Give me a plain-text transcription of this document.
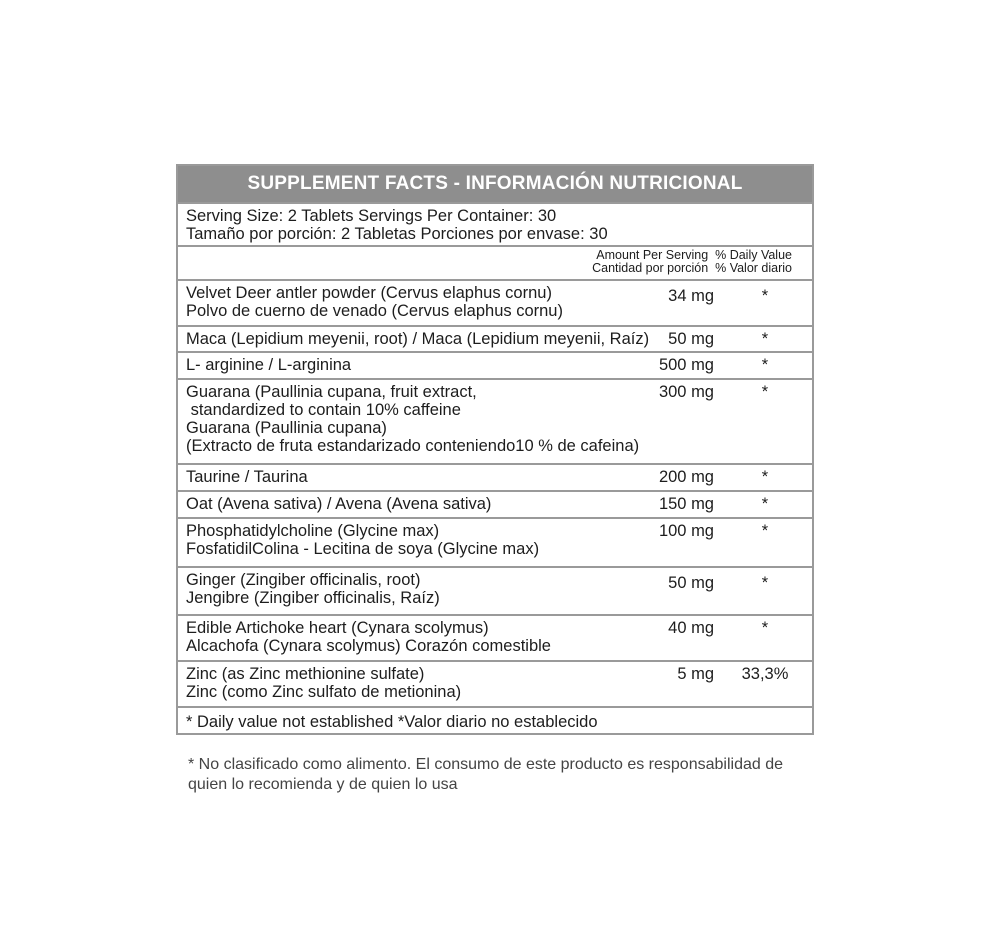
SUPPLEMENT FACTS - INFORMACIÓN NUTRICIONAL
Serving Size: 2 Tablets Servings Per Container: 30
Tamaño por porción: 2 Tabletas Porciones por envase: 30
Amount Per Serving  % Daily Value
Cantidad por porción  % Valor diario
Velvet Deer antler powder (Cervus elaphus cornu)
Polvo de cuerno de venado (Cervus elaphus cornu)
34 mg	*
Maca (Lepidium meyenii, root) / Maca (Lepidium meyenii, Raíz) 50 mg	*
L- arginine / L-arginina	500 mg	*
Guarana (Paullinia cupana, fruit extract,
standardized to contain 10% caffeine
Guarana (Paullinia cupana)
(Extracto de fruta estandarizado conteniendo10 % de cafeina)
300 mg	*
Taurine / Taurina	200 mg	*
Oat (Avena sativa) / Avena (Avena sativa)	150 mg	*
Phosphatidylcholine (Glycine max)
FosfatidilColina - Lecitina de soya (Glycine max)
100 mg	*
Ginger (Zingiber officinalis, root)
Jengibre (Zingiber officinalis, Raíz)
50 mg	*
Edible Artichoke heart (Cynara scolymus)
Alcachofa (Cynara scolymus) Corazón comestible
40 mg	*
Zinc (as Zinc methionine sulfate)
Zinc (como Zinc sulfato de metionina)
5 mg	33,3%
* Daily value not established *Valor diario no establecido
* No clasificado como alimento. El consumo de este producto es responsabilidad de quien lo recomienda y de quien lo usa
